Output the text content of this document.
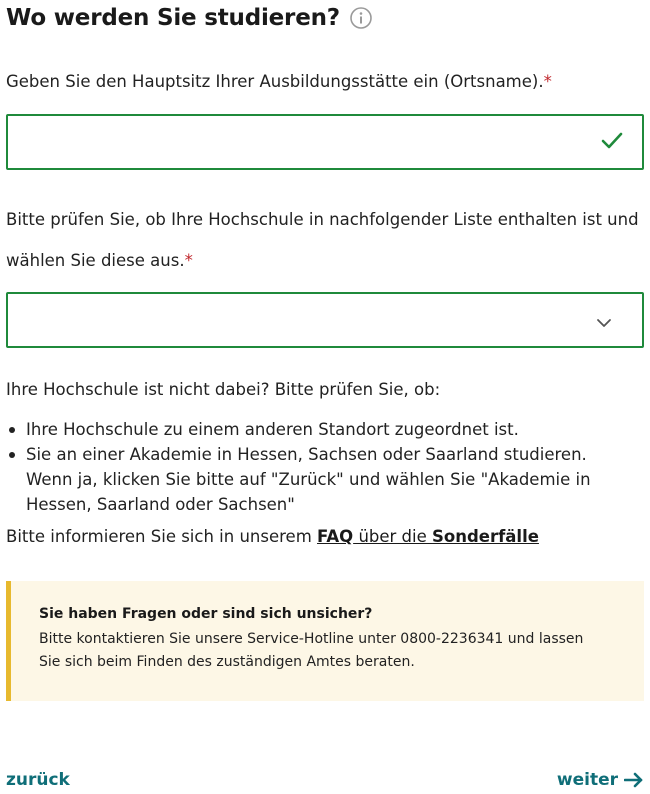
Wo werden Sie studieren?
Geben Sie den Hauptsitz Ihrer Ausbildungsstätte ein (Ortsname).*
Bitte prüfen Sie, ob Ihre Hochschule in nachfolgender Liste enthalten ist und
wählen Sie diese aus.*
Ihre Hochschule ist nicht dabei? Bitte prüfen Sie, ob:
Ihre Hochschule zu einem anderen Standort zugeordnet ist.
Sie an einer Akademie in Hessen, Sachsen oder Saarland studieren. Wenn ja, klicken Sie bitte auf "Zurück" und wählen Sie "Akademie in Hessen, Saarland oder Sachsen"
Bitte informieren Sie sich in unserem FAQ über die Sonderfälle
Sie haben Fragen oder sind sich unsicher?
Bitte kontaktieren Sie unsere Service-Hotline unter 0800-2236341 und lassen
Sie sich beim Finden des zuständigen Amtes beraten.
zurück	weiter
